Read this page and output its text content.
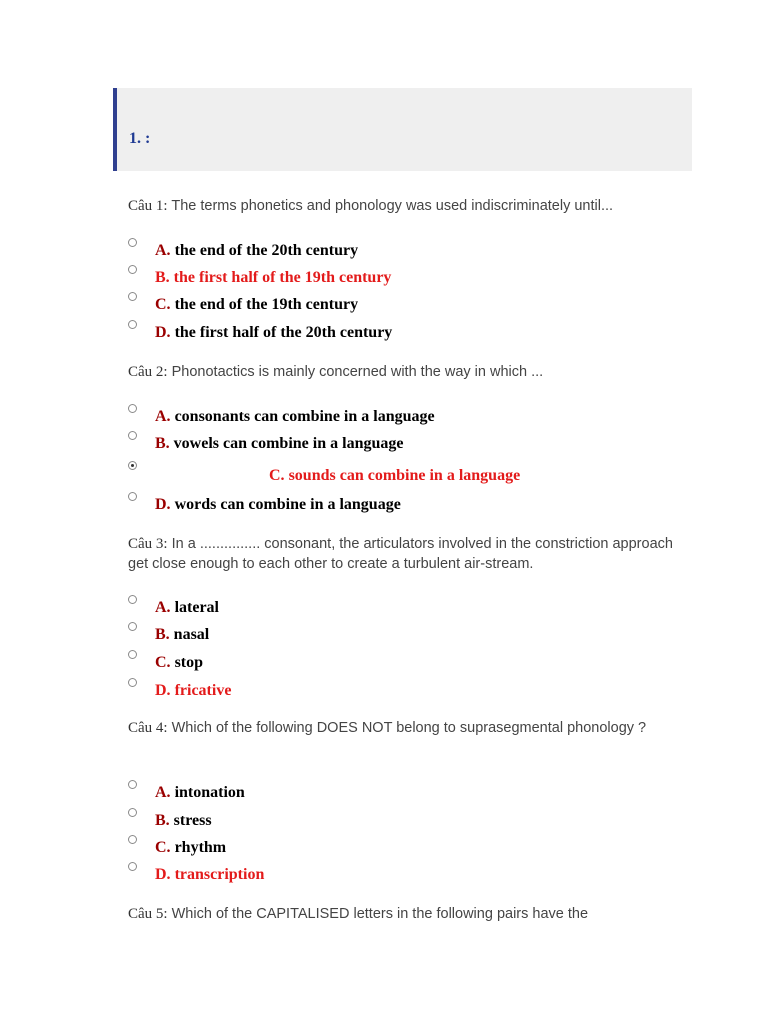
1. :
Câu 1: The terms phonetics and phonology was used indiscriminately until...
A. the end of the 20th century
B. the first half of the 19th century
C. the end of the 19th century
D. the first half of the 20th century
Câu 2: Phonotactics is mainly concerned with the way in which ...
A. consonants can combine in a language
B. vowels can combine in a language
C. sounds can combine in a language
D. words can combine in a language
Câu 3: In a ............... consonant, the articulators involved in the constriction approach get close enough to each other to create a turbulent air-stream.
A. lateral
B. nasal
C. stop
D. fricative
Câu 4: Which of the following DOES NOT belong to suprasegmental phonology ?
A. intonation
B. stress
C. rhythm
D. transcription
Câu 5: Which of the CAPITALISED letters in the following pairs have the
